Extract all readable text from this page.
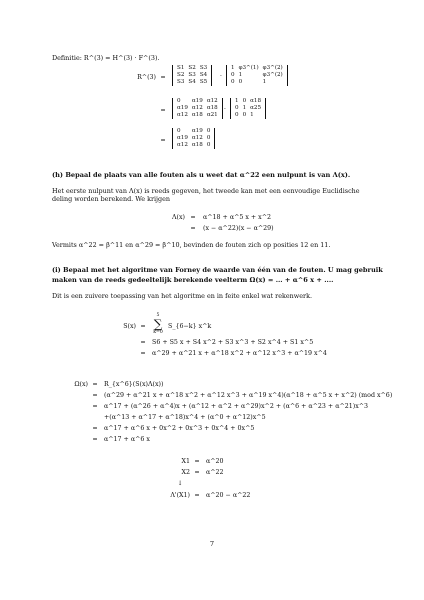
Definitie: R^(3) = H^(3) · F^(3).
R^(3) =
S1	S2	S3
S2	S3	S4
S3	S4	S5
·
1	φ3^(1)	φ3^(2)
0	1	φ3^(2)
0	0	1
=
0	α19	α12
α19	α12	α18
α12	α18	α21
·
1	0	α18
0	1	α25
0	0	1
=
0	α19	0
α19	α12	0
α12	α18	0
(h) Bepaal de plaats van alle fouten als u weet dat α^22 een nulpunt is van Λ(x).
Het eerste nulpunt van Λ(x) is reeds gegeven, het tweede kan met een eenvoudige Euclidische deling worden berekend. We krijgen
Λ(x) =	α^18 + α^5 x + x^2
=	(x − α^22)(x − α^29)
Vermits α^22 = β^11 en α^29 = β^10, bevinden de fouten zich op posities 12 en 11.
(i) Bepaal met het algoritme van Forney de waarde van één van de fouten. U mag gebruik
maken van de reeds gedeeltelijk berekende veelterm Ω(x) = ... + α^6 x + ....
Dit is een zuivere toepassing van het algoritme en in feite enkel wat rekenwerk.
S(x) =
5
∑
k=0
S_{6−k} x^k
=	S6 + S5 x + S4 x^2 + S3 x^3 + S2 x^4 + S1 x^5
=	α^29 + α^21 x + α^18 x^2 + α^12 x^3 + α^19 x^4
Ω(x) =	R_{x^6}(S(x)Λ(x))
=	(α^29 + α^21 x + α^18 x^2 + α^12 x^3 + α^19 x^4)(α^18 + α^5 x + x^2) (mod x^6)
=	α^17 + (α^26 + α^4)x + (α^12 + α^2 + α^29)x^2 + (α^6 + α^23 + α^21)x^3
+(α^13 + α^17 + α^18)x^4 + (α^0 + α^12)x^5
=	α^17 + α^6 x + 0x^2 + 0x^3 + 0x^4 + 0x^5
=	α^17 + α^6 x
X1 =	α^20
X2 =	α^22
↓
Λ'(X1) =	α^20 − α^22
7
